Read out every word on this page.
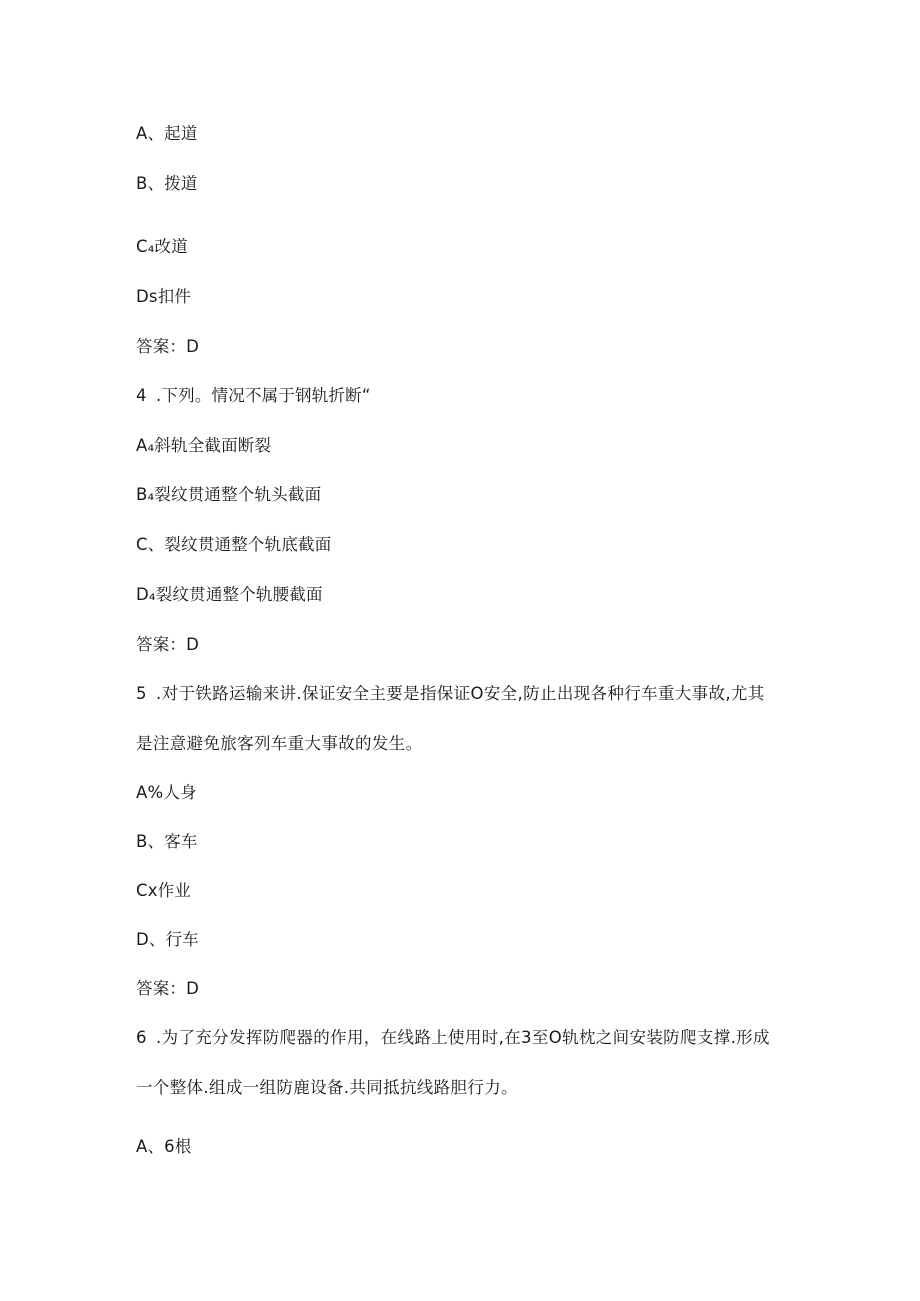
A、起道
B、拨道
C₄改道
Ds扣件
答案：D
4 .下列。情况不属于钢轨折断“
A₄斜轨全截面断裂
B₄裂纹贯通整个轨头截面
C、裂纹贯通整个轨底截面
D₄裂纹贯通整个轨腰截面
答案：D
5 .对于铁路运输来讲.保证安全主要是指保证O安全,防止出现各种行车重大事故,尤其
是注意避免旅客列车重大事故的发生。
A%人身
B、客车
Cx作业
D、行车
答案：D
6 .为了充分发挥防爬器的作用，在线路上使用时,在3至O轨枕之间安装防爬支撑.形成
一个整体.组成一组防鹿设备.共同抵抗线路胆行力。
A、6根
